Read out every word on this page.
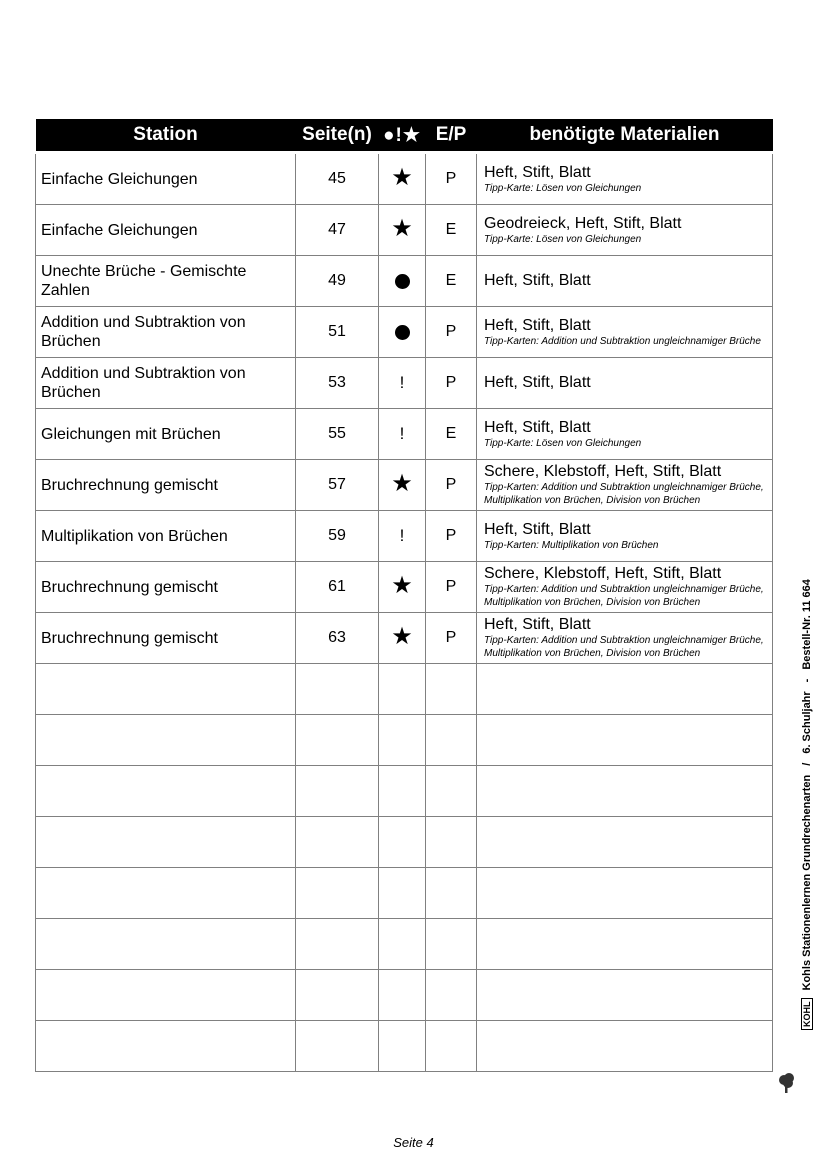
Station	Seite(n)	●!★	E/P	benötigte Materialien
Einfache Gleichungen	45	★	P	Heft, Stift, Blatt
Tipp-Karte: Lösen von Gleichungen

Einfache Gleichungen	47	★	E	Geodreieck, Heft, Stift, Blatt
Tipp-Karte: Lösen von Gleichungen

Unechte Brüche - Gemischte Zahlen	49		E	Heft, Stift, Blatt

Addition und Subtraktion von Brüchen	51		P	Heft, Stift, Blatt
Tipp-Karten: Addition und Subtraktion ungleichnamiger Brüche

Addition und Subtraktion von Brüchen	53	!	P	Heft, Stift, Blatt

Gleichungen mit Brüchen	55	!	E	Heft, Stift, Blatt
Tipp-Karte: Lösen von Gleichungen

Bruchrechnung gemischt	57	★	P	Schere, Klebstoff, Heft, Stift, Blatt
Tipp-Karten: Addition und Subtraktion ungleichnamiger Brüche, Multiplikation von Brüchen, Division von Brüchen

Multiplikation von Brüchen	59	!	P	Heft, Stift, Blatt
Tipp-Karten: Multiplikation von Brüchen

Bruchrechnung gemischt	61	★	P	Schere, Klebstoff, Heft, Stift, Blatt
Tipp-Karten: Addition und Subtraktion ungleichnamiger Brüche, Multiplikation von Brüchen, Division von Brüchen

Bruchrechnung gemischt	63	★	P	Heft, Stift, Blatt
Tipp-Karten: Addition und Subtraktion ungleichnamiger Brüche, Multiplikation von Brüchen, Division von Brüchen

KOHL
Kohls Stationenlernen Grundrechenarten
/
6. Schuljahr
-
Bestell-Nr. 11 664
Seite 4
